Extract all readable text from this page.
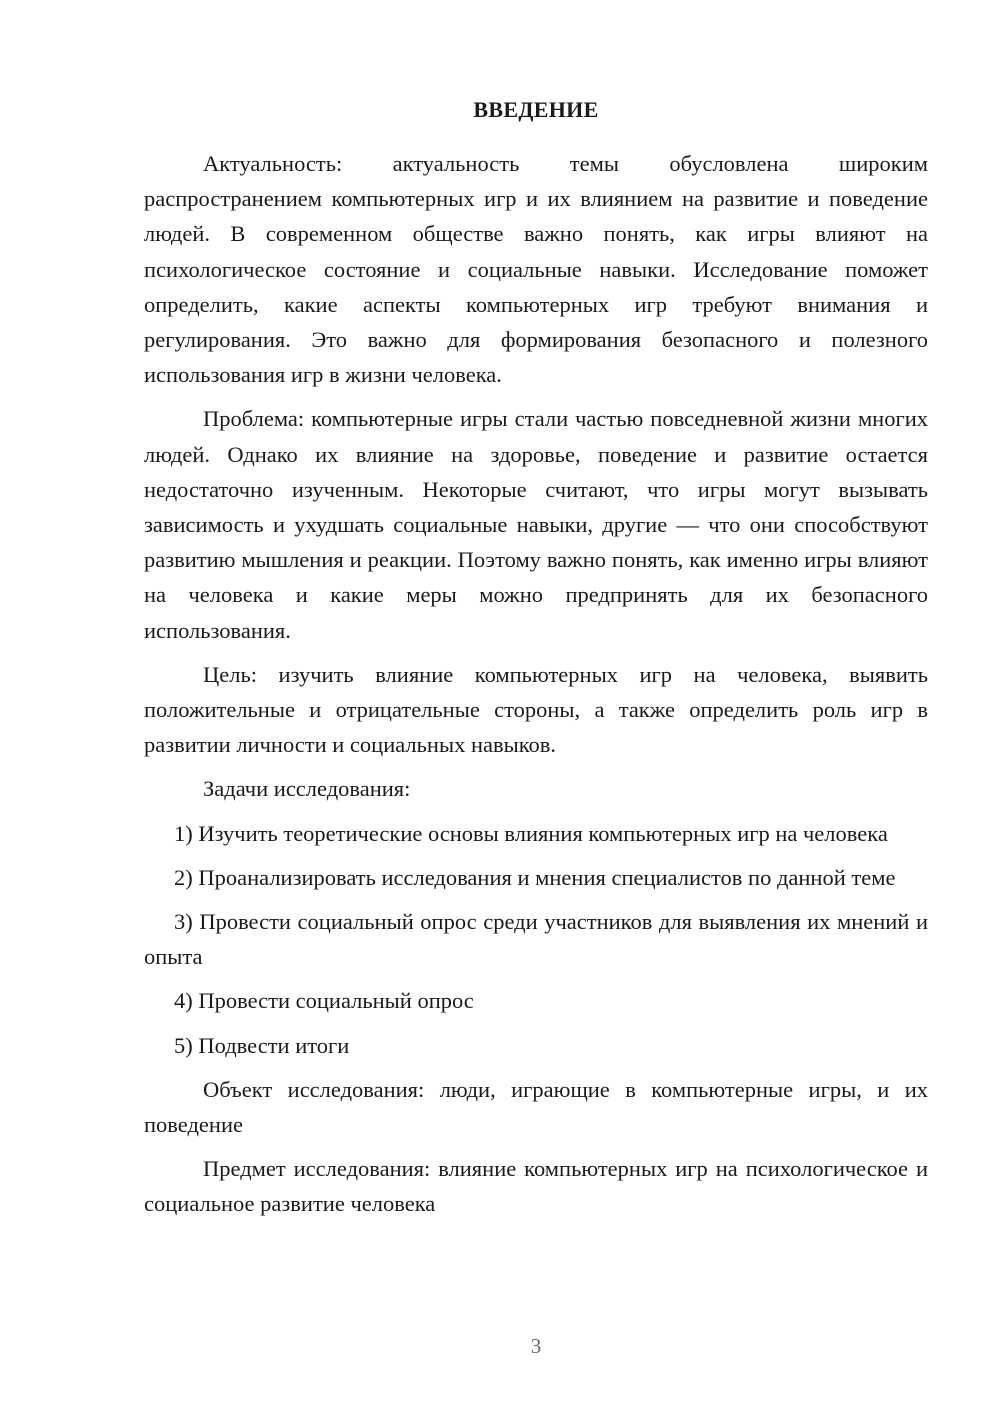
ВВЕДЕНИЕ

Актуальность: актуальность темы обусловлена широким распространением компьютерных игр и их влиянием на развитие и поведение людей. В современном обществе важно понять, как игры влияют на психологическое состояние и социальные навыки. Исследование поможет определить, какие аспекты компьютерных игр требуют внимания и регулирования. Это важно для формирования безопасного и полезного использования игр в жизни человека.

Проблема: компьютерные игры стали частью повседневной жизни многих людей. Однако их влияние на здоровье, поведение и развитие остается недостаточно изученным. Некоторые считают, что игры могут вызывать зависимость и ухудшать социальные навыки, другие — что они способствуют развитию мышления и реакции. Поэтому важно понять, как именно игры влияют на человека и какие меры можно предпринять для их безопасного использования.

Цель: изучить влияние компьютерных игр на человека, выявить положительные и отрицательные стороны, а также определить роль игр в развитии личности и социальных навыков.

Задачи исследования:

1) Изучить теоретические основы влияния компьютерных игр на человека

2) Проанализировать исследования и мнения специалистов по данной теме

3) Провести социальный опрос среди участников для выявления их мнений и опыта

4) Провести социальный опрос

5) Подвести итоги

Объект исследования: люди, играющие в компьютерные игры, и их поведение

Предмет исследования: влияние компьютерных игр на психологическое и социальное развитие человека

3
